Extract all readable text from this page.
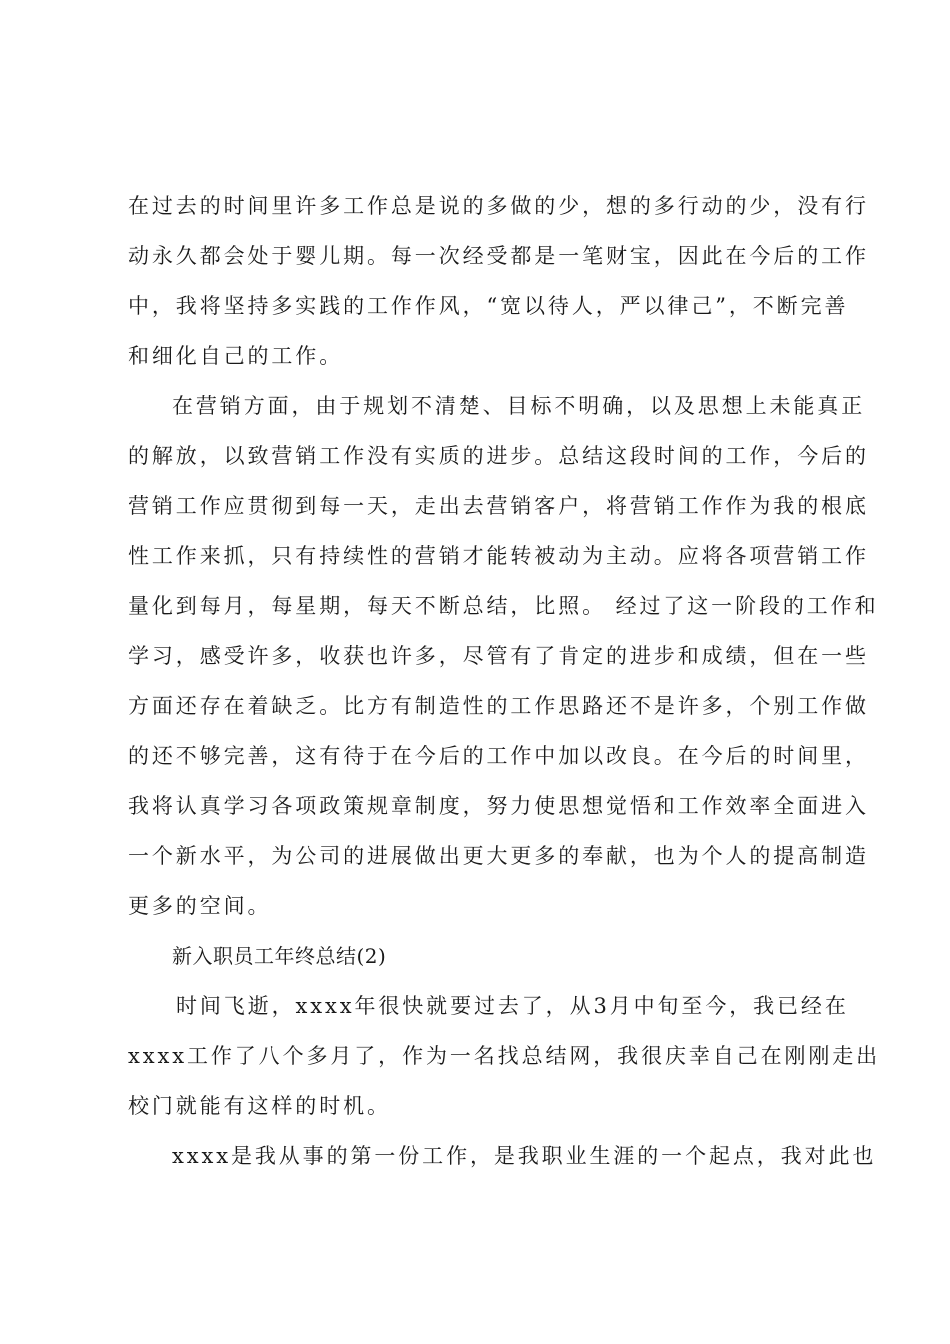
在过去的时间里许多工作总是说的多做的少，想的多行动的少，没有行
动永久都会处于婴儿期。每一次经受都是一笔财宝，因此在今后的工作
中，我将坚持多实践的工作作风，“宽以待人，严以律己”，不断完善
和细化自己的工作。
在营销方面，由于规划不清楚、目标不明确，以及思想上未能真正
的解放，以致营销工作没有实质的进步。总结这段时间的工作，今后的
营销工作应贯彻到每一天，走出去营销客户，将营销工作作为我的根底
性工作来抓，只有持续性的营销才能转被动为主动。应将各项营销工作
量化到每月，每星期，每天不断总结，比照。 经过了这一阶段的工作和
学习，感受许多，收获也许多，尽管有了肯定的进步和成绩，但在一些
方面还存在着缺乏。比方有制造性的工作思路还不是许多，个别工作做
的还不够完善，这有待于在今后的工作中加以改良。在今后的时间里，
我将认真学习各项政策规章制度，努力使思想觉悟和工作效率全面进入
一个新水平，为公司的进展做出更大更多的奉献，也为个人的提高制造
更多的空间。
新入职员工年终总结(2)
时间飞逝，xxxx年很快就要过去了，从3月中旬至今，我已经在
xxxx工作了八个多月了，作为一名找总结网，我很庆幸自己在刚刚走出
校门就能有这样的时机。
xxxx是我从事的第一份工作，是我职业生涯的一个起点，我对此也
